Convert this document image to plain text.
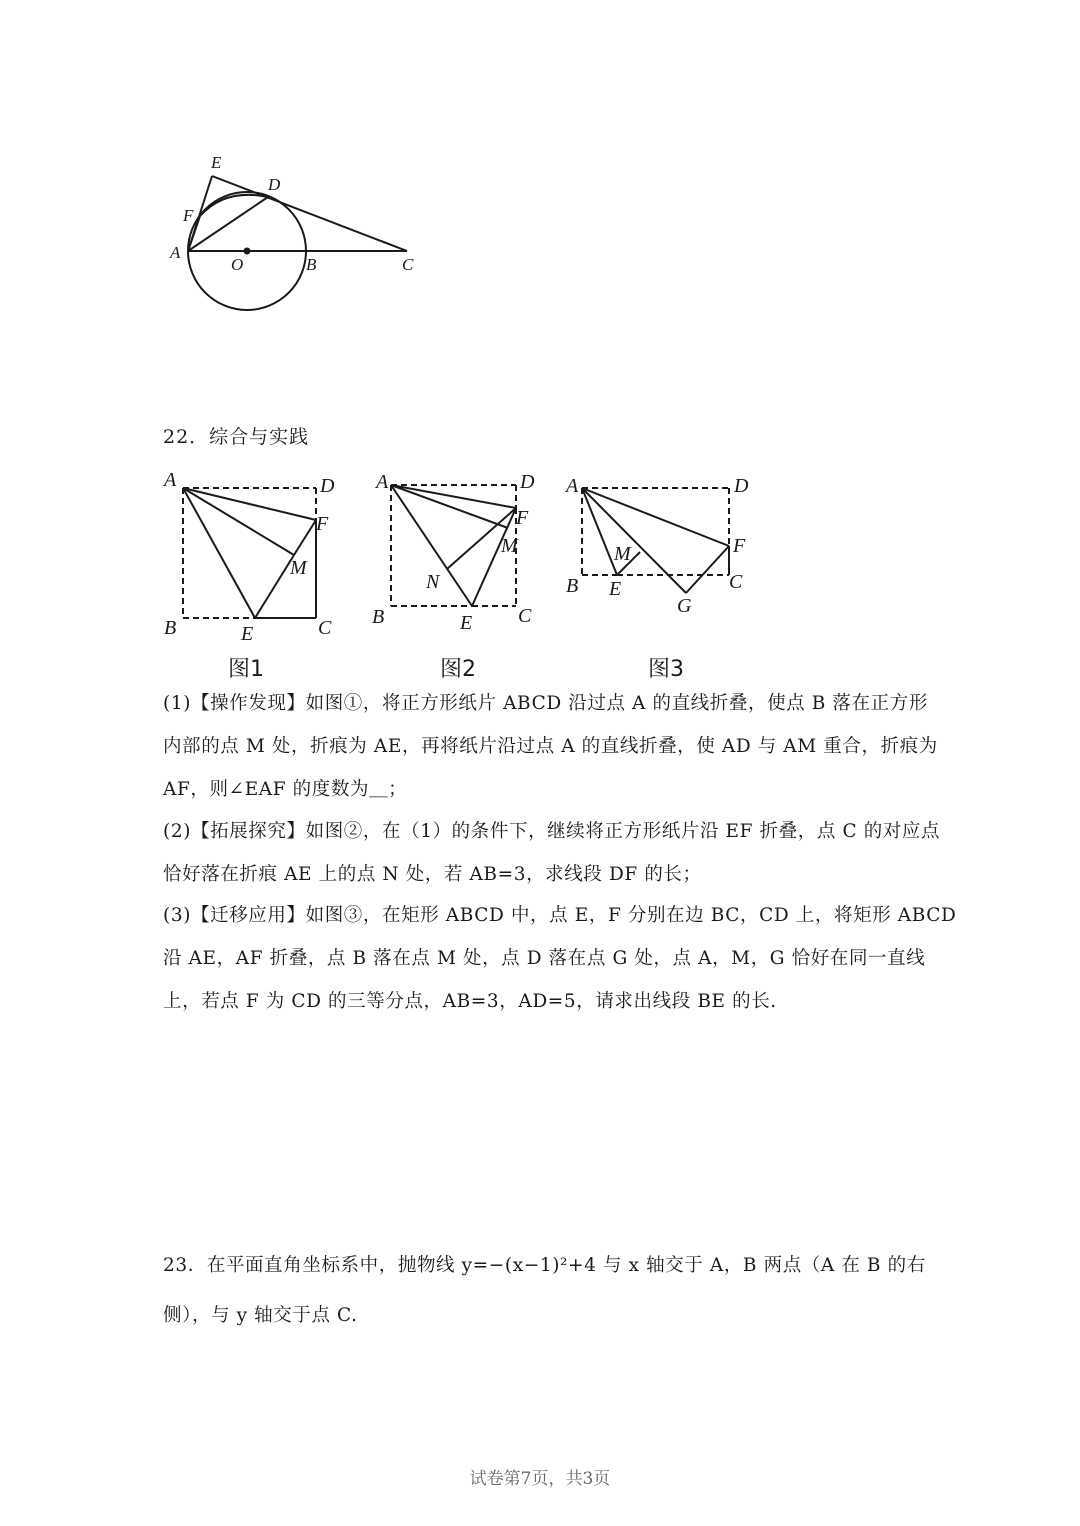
E
D
F
A
O	B	C
22．综合与实践
A	D
F
M
B	E	C
图1
A	D
F
M
N
B	E C
图2
A	D
M	F
B E	C
G
图3
(1)【操作发现】如图①，将正方形纸片 ABCD 沿过点 A 的直线折叠，使点 B 落在正方形
内部的点 M 处，折痕为 AE，再将纸片沿过点 A 的直线折叠，使 AD 与 AM 重合，折痕为
AF，则∠EAF 的度数为＿；
(2)【拓展探究】如图②，在（1）的条件下，继续将正方形纸片沿 EF 折叠，点 C 的对应点
恰好落在折痕 AE 上的点 N 处，若 AB=3，求线段 DF 的长；
(3)【迁移应用】如图③，在矩形 ABCD 中，点 E，F 分别在边 BC，CD 上，将矩形 ABCD
沿 AE，AF 折叠，点 B 落在点 M 处，点 D 落在点 G 处，点 A，M，G 恰好在同一直线
上，若点 F 为 CD 的三等分点，AB=3，AD=5，请求出线段 BE 的长.
23．在平面直角坐标系中，抛物线 y=−(x−1)²+4 与 x 轴交于 A，B 两点（A 在 B 的右
侧），与 y 轴交于点 C.
试卷第7页，共3页
